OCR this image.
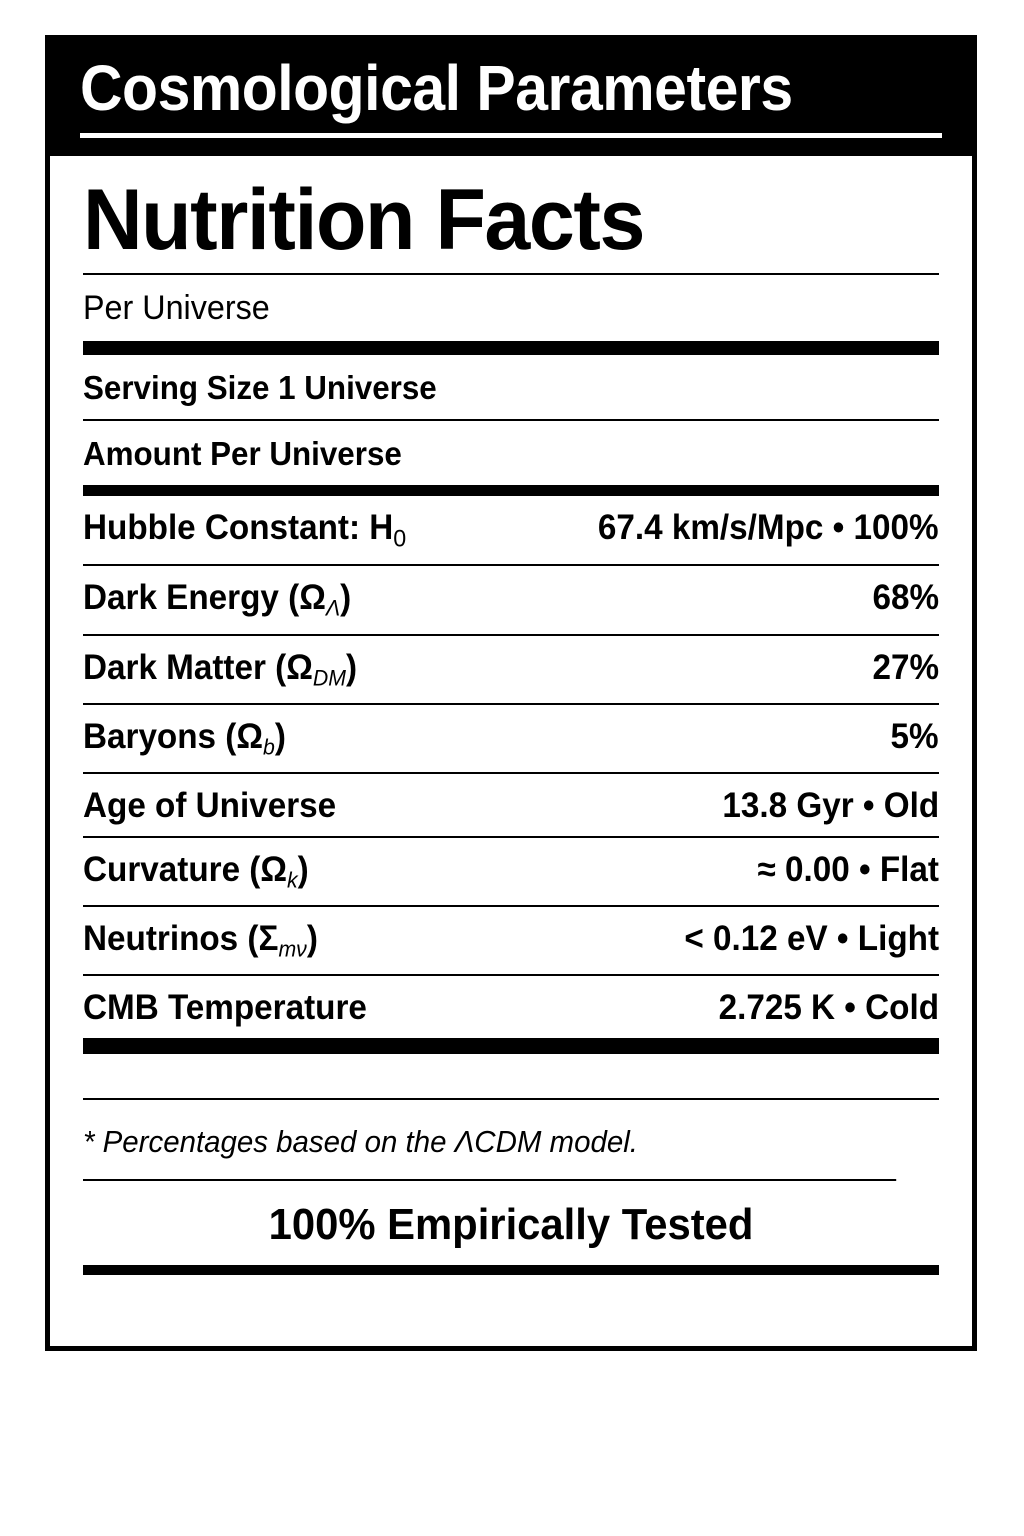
Cosmological Parameters
Nutrition Facts
Per Universe
Serving Size 1 Universe
Amount Per Universe
Hubble Constant: $H_0$	67.4 km/s/Mpc • 100%
Dark Energy $(\Omega_\Lambda)$	68%
Dark Matter $(\Omega_{DM})$	27%
Baryons $(\Omega_b)$	5%
Age of Universe	13.8 Gyr • Old
Curvature $(\Omega_k)$	≈ 0.00 • Flat
Neutrinos $(\Sigma_{m\nu})$	< 0.12 eV • Light
CMB Temperature	2.725 K • Cold
* Percentages based on the ΛCDM model.
100% Empirically Tested
